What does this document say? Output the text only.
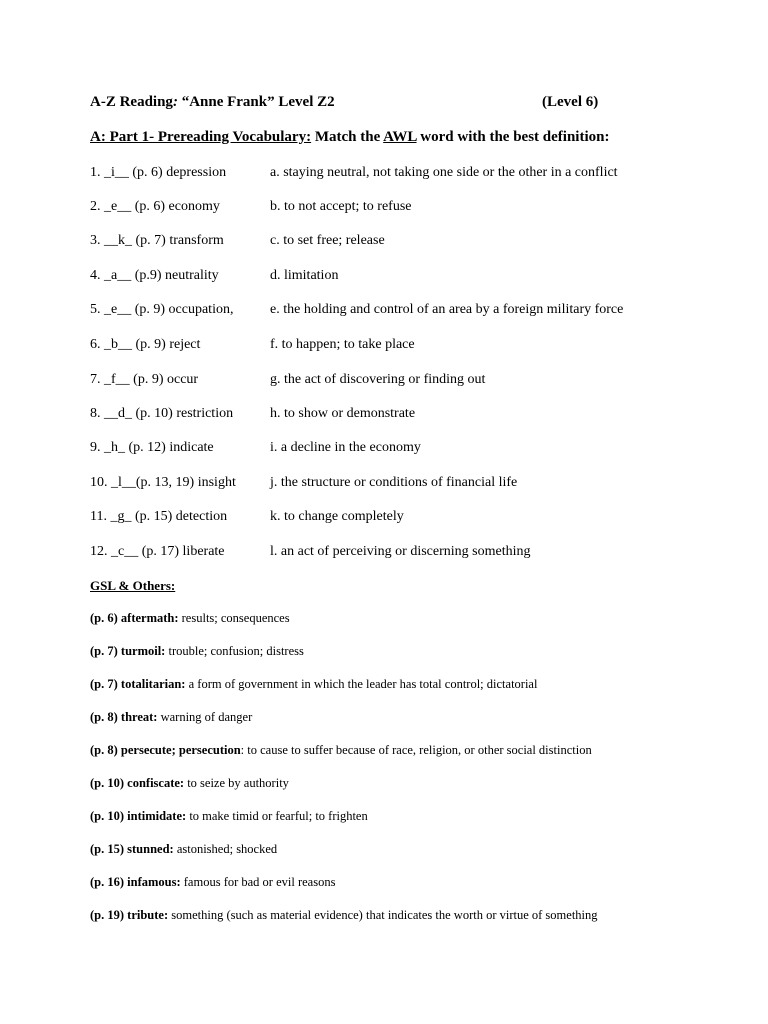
A-Z Reading: “Anne Frank” Level Z2	(Level 6)
A: Part 1- Prereading Vocabulary: Match the AWL word with the best definition:
1. _i__ (p. 6) depression	a. staying neutral, not taking one side or the other in a conflict
2. _e__ (p. 6) economy	b. to not accept; to refuse
3. __k_ (p. 7) transform	c. to set free; release
4. _a__ (p.9) neutrality	d. limitation
5. _e__ (p. 9) occupation,	e. the holding and control of an area by a foreign military force
6. _b__ (p. 9) reject	f. to happen; to take place
7. _f__ (p. 9) occur	g. the act of discovering or finding out
8. __d_ (p. 10) restriction	h. to show or demonstrate
9. _h_ (p. 12) indicate	i. a decline in the economy
10. _l__(p. 13, 19) insight j. the structure or conditions of financial life
11. _g_ (p. 15) detection	k. to change completely
12. _c__ (p. 17) liberate	l. an act of perceiving or discerning something
GSL & Others:
(p. 6) aftermath: results; consequences
(p. 7) turmoil: trouble; confusion; distress
(p. 7) totalitarian: a form of government in which the leader has total control; dictatorial
(p. 8) threat: warning of danger
(p. 8) persecute; persecution: to cause to suffer because of race, religion, or other social distinction
(p. 10) confiscate: to seize by authority
(p. 10) intimidate: to make timid or fearful; to frighten
(p. 15) stunned: astonished; shocked
(p. 16) infamous: famous for bad or evil reasons
(p. 19) tribute: something (such as material evidence) that indicates the worth or virtue of something
